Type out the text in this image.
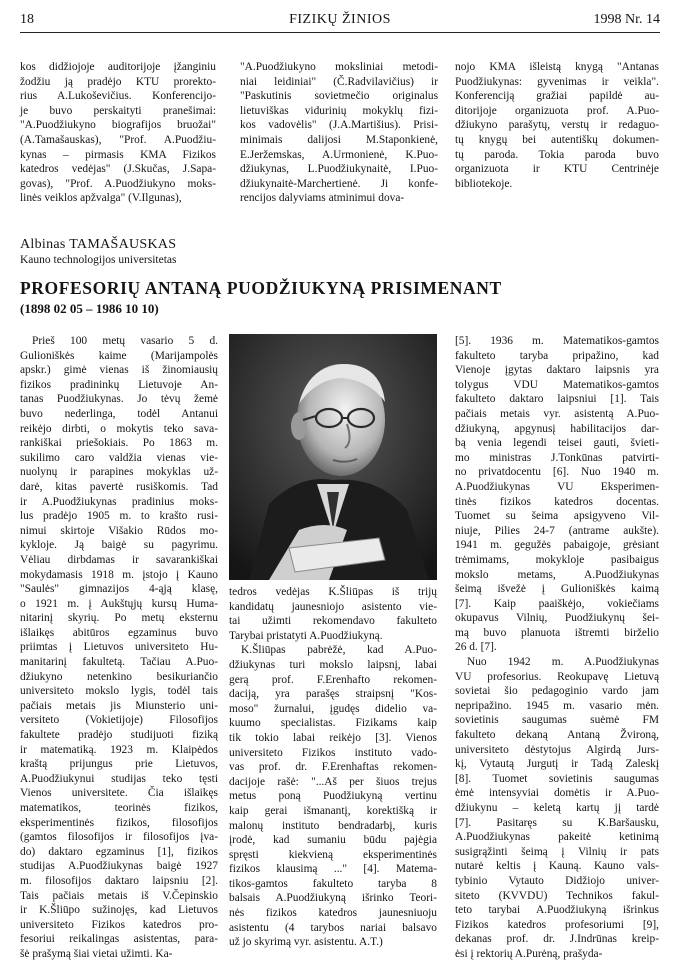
18	FIZIKŲ ŽINIOS	1998 Nr. 14
kos didžiojoje auditorijoje įžanginiu
žodžiu ją pradėjo KTU prorekto-
rius A.Lukoševičius. Konferencijo-
je buvo perskaityti pranešimai:
"A.Puodžiukyno biografijos bruožai"
(A.Tamašauskas), "Prof. A.Puodžiu-
kynas – pirmasis KMA Fizikos
katedros vedėjas" (J.Skučas, J.Sapa-
govas), "Prof. A.Puodžiukyno moks-
linės veiklos apžvalga" (V.Ilgunas),
"A.Puodžiukyno moksliniai metodi-
niai leidiniai" (Č.Radvilavičius) ir
"Paskutinis sovietmečio originalus
lietuviškas vidurinių mokyklų fizi-
kos vadovėlis" (J.A.Martišius). Prisi-
minimais dalijosi M.Staponkienė,
E.Jeržemskas, A.Urmonienė, K.Puo-
džiukynas, L.Puodžiukynaitė, I.Puo-
džiukynaitė-Marchertienė. Ji konfe-
rencijos dalyviams atminimui dova-
nojo KMA išleistą knygą "Antanas
Puodžiukynas: gyvenimas ir veikla".
Konferenciją gražiai papildė au-
ditorijoje organizuota prof. A.Puo-
džiukyno parašytų, verstų ir redaguo-
tų knygų bei autentiškų dokumen-
tų paroda. Tokia paroda buvo
organizuota ir KTU Centrinėje
bibliotekoje.
Albinas TAMAŠAUSKAS
Kauno technologijos universitetas
PROFESORIŲ ANTANĄ PUODŽIUKYNĄ PRISIMENANT
(1898 02 05 – 1986 10 10)
Prieš 100 metų vasario 5 d.
Gulioniškės kaime (Marijampolės
apskr.) gimė vienas iš žinomiausių
fizikos pradininkų Lietuvoje An-
tanas Puodžiukynas. Jo tėvų žemė
buvo nederlinga, todėl Antanui
reikėjo dirbti, o mokytis teko sava-
rankiškai priešokiais. Po 1863 m.
sukilimo caro valdžia vienas vie-
nuolynų ir parapines mokyklas už-
darė, kitas pavertė rusiškomis. Tad
ir A.Puodžiukynas pradinius moks-
lus pradėjo 1905 m. to krašto rusi-
nimui skirtoje Višakio Rūdos mo-
kykloje. Ją baigė su pagyrimu.
Vėliau dirbdamas ir savarankiškai
mokydamasis 1918 m. įstojo į Kauno
"Saulės" gimnazijos 4-ąją klasę,
o 1921 m. į Aukštųjų kursų Huma-
nitarinį skyrių. Po metų eksternu
išlaikęs abitūros egzaminus buvo
priimtas į Lietuvos universiteto Hu-
manitarinį fakultetą. Tačiau A.Puo-
džiukyno netenkino besikuriančio
universiteto mokslo lygis, todėl tais
pačiais metais jis Miunsterio uni-
versiteto (Vokietijoje) Filosofijos
fakultete pradėjo studijuoti fiziką
ir matematiką. 1923 m. Klaipėdos
kraštą prijungus prie Lietuvos,
A.Puodžiukynui studijas teko tęsti
Vienos universitete. Čia išlaikęs
matematikos, teorinės fizikos,
eksperimentinės fizikos, filosofijos
(gamtos filosofijos ir filosofijos įva-
do) daktaro egzaminus [1], fizikos
studijas A.Puodžiukynas baigė 1927
m. filosofijos daktaro laipsniu [2].
Tais pačiais metais iš V.Čepinskio
ir K.Šliūpo sužinojęs, kad Lietuvos
universiteto Fizikos katedros pro-
fesoriui reikalingas asistentas, para-
šė prašymą šiai vietai užimti. Ka-
tedros vedėjas K.Šliūpas iš trijų
kandidatų jaunesniojo asistento vie-
tai užimti rekomendavo fakultetο
Tarybai pristatyti A.Puodžiukyną.
K.Šliūpas pabrėžė, kad A.Puo-
džiukynas turi mokslo laipsnį, labai
gerą prof. F.Erenhafto rekomen-
daciją, yra parašęs straipsnį "Kos-
moso" žurnalui, įgudęs didelio va-
kuumo specialistas. Fizikams kaip
tik tokio labai reikėjo [3]. Vienos
universiteto Fizikos instituto vado-
vas prof. dr. F.Erenhaftas rekomen-
dacijoje rašė: "...Aš per šiuos trejus
metus poną Puodžiukyną vertinu
kaip gerai išmanantį, korektišką ir
malonų instituto bendradarbį, kuris
įrodė, kad sumaniu būdu pajėgia
spręsti kiekvieną eksperimentinės
fizikos klausimą ..." [4]. Matema-
tikos-gamtos fakulteto taryba 8
balsais A.Puodžiukyną išrinko Teori-
nės fizikos katedros jaunesniuoju
asistentu (4 tarybos nariai balsavo
už jo skyrimą vyr. asistentu. A.T.)
[5]. 1936 m. Matematikos-gamtos
fakulteto taryba pripažino, kad
Vienoje įgytas daktaro laipsnis yra
tolygus VDU Matematikos-gamtos
fakulteto daktaro laipsniui [1]. Tais
pačiais metais vyr. asistentą A.Puo-
džiukyną, apgynusį habilitacijos dar-
bą venia legendi teisei gauti, švieti-
mo ministras J.Tonkūnas patvirti-
no privatdocentu [6]. Nuo 1940 m.
A.Puodžiukynas VU Eksperimen-
tinės fizikos katedros docentas.
Tuomet su šeima apsigyveno Vil-
niuje, Pilies 24-7 (antrame aukšte).
1941 m. gegužės pabaigoje, grėsiant
trėmimams, mokykloje pasibaigus
mokslo metams, A.Puodžiukynas
šeimą išvežė į Gulioniškės kaimą
[7]. Kaip paaiškėjo, vokiečiams
okupavus Vilnių, Puodžiukynų šei-
mą buvo planuota ištremti birželio
26 d. [7].
Nuo 1942 m. A.Puodžiukynas
VU profesorius. Reokupavę Lietuvą
sovietai šio pedagoginio vardo jam
nepripažino. 1945 m. vasario mėn.
sovietinis saugumas suėmė FM
fakulteto dekaną Antaną Žvironą,
universiteto dėstytojus Algirdą Jurs-
kį, Vytautą Jurgutį ir Tadą Zaleskį
[8]. Tuomet sovietinis saugumas
ėmė intensyviai domėtis ir A.Puo-
džiukynu – keletą kartų jį tardė
[7]. Pasitaręs su K.Baršausku,
A.Puodžiukynas pakeitė ketinimą
susigrąžinti šeimą į Vilnių ir pats
nutarė keltis į Kauną. Kauno vals-
tybinio Vytauto Didžiojo univer-
siteto (KVVDU) Technikos fakul-
teto tarybai A.Puodžiukyną išrinkus
Fizikos katedros profesoriumi [9],
dekanas prof. dr. J.Indrūnas kreip-
ėsi į rektorių A.Purėną, prašyda-
